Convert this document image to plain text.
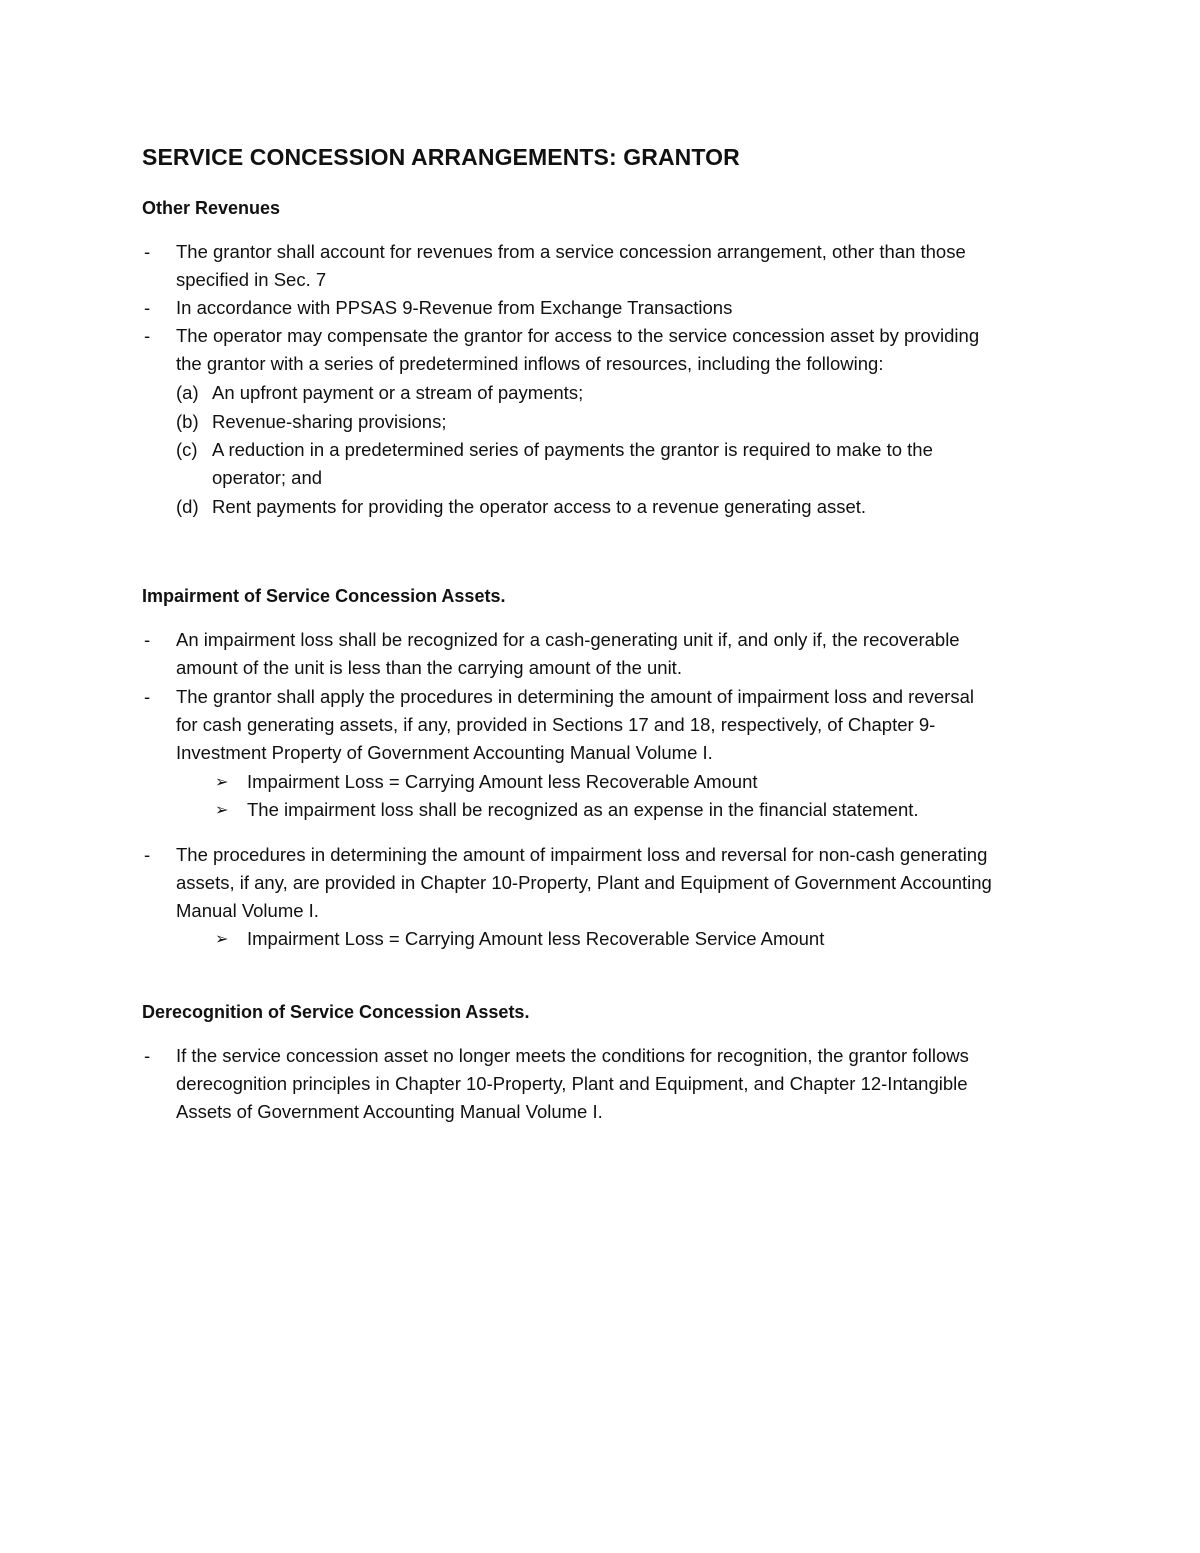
SERVICE CONCESSION ARRANGEMENTS: GRANTOR
Other Revenues
- The grantor shall account for revenues from a service concession arrangement, other than those
specified in Sec. 7
- In accordance with PPSAS 9-Revenue from Exchange Transactions
- The operator may compensate the grantor for access to the service concession asset by providing
the grantor with a series of predetermined inflows of resources, including the following:
(a) An upfront payment or a stream of payments;
(b) Revenue-sharing provisions;
(c) A reduction in a predetermined series of payments the grantor is required to make to the
operator; and
(d) Rent payments for providing the operator access to a revenue generating asset.
Impairment of Service Concession Assets.
- An impairment loss shall be recognized for a cash-generating unit if, and only if, the recoverable
amount of the unit is less than the carrying amount of the unit.
- The grantor shall apply the procedures in determining the amount of impairment loss and reversal
for cash generating assets, if any, provided in Sections 17 and 18, respectively, of Chapter 9-
Investment Property of Government Accounting Manual Volume I.
➢ Impairment Loss = Carrying Amount less Recoverable Amount
➢ The impairment loss shall be recognized as an expense in the financial statement.
- The procedures in determining the amount of impairment loss and reversal for non-cash generating
assets, if any, are provided in Chapter 10-Property, Plant and Equipment of Government Accounting
Manual Volume I.
➢ Impairment Loss = Carrying Amount less Recoverable Service Amount
Derecognition of Service Concession Assets.
- If the service concession asset no longer meets the conditions for recognition, the grantor follows
derecognition principles in Chapter 10-Property, Plant and Equipment, and Chapter 12-Intangible
Assets of Government Accounting Manual Volume I.
